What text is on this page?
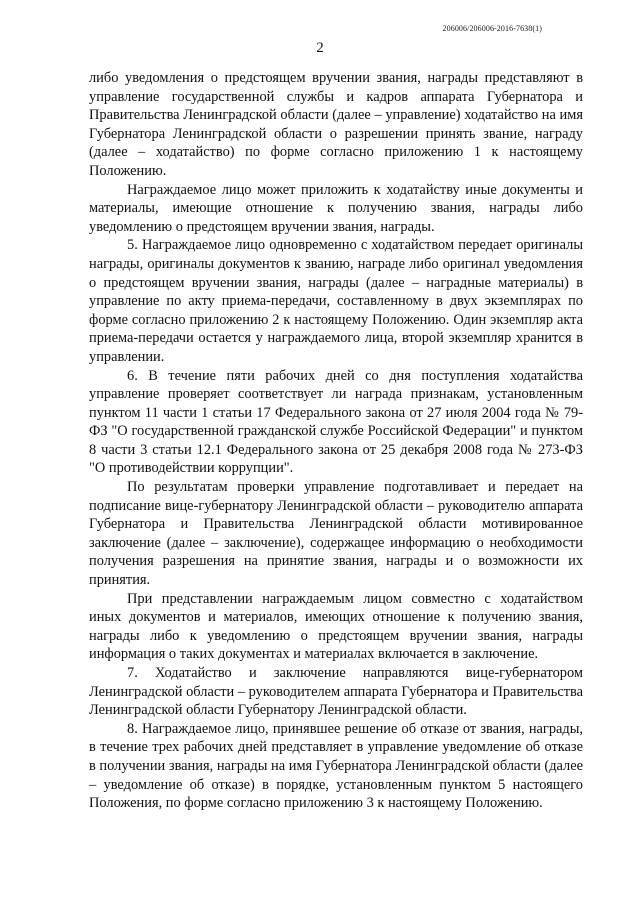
206006/206006-2016-7638(1)
2

либо уведомления о предстоящем вручении звания, награды представляют в управление государственной службы и кадров аппарата Губернатора и Правительства Ленинградской области (далее – управление) ходатайство на имя Губернатора Ленинградской области о разрешении принять звание, награду (далее – ходатайство) по форме согласно приложению 1 к настоящему Положению.

Награждаемое лицо может приложить к ходатайству иные документы и материалы, имеющие отношение к получению звания, награды либо уведомлению о предстоящем вручении звания, награды.

5. Награждаемое лицо одновременно с ходатайством передает оригиналы награды, оригиналы документов к званию, награде либо оригинал уведомления о предстоящем вручении звания, награды (далее – наградные материалы) в управление по акту приема-передачи, составленному в двух экземплярах по форме согласно приложению 2 к настоящему Положению. Один экземпляр акта приема-передачи остается у награждаемого лица, второй экземпляр хранится в управлении.

6. В течение пяти рабочих дней со дня поступления ходатайства управление проверяет соответствует ли награда признакам, установленным пунктом 11 части 1 статьи 17 Федерального закона от 27 июля 2004 года № 79-ФЗ "О государственной гражданской службе Российской Федерации" и пунктом 8 части 3 статьи 12.1 Федерального закона от 25 декабря 2008 года № 273-ФЗ "О противодействии коррупции".

По результатам проверки управление подготавливает и передает на подписание вице-губернатору Ленинградской области – руководителю аппарата Губернатора и Правительства Ленинградской области мотивированное заключение (далее – заключение), содержащее информацию о необходимости получения разрешения на принятие звания, награды и о возможности их принятия.

При представлении награждаемым лицом совместно с ходатайством иных документов и материалов, имеющих отношение к получению звания, награды либо к уведомлению о предстоящем вручении звания, награды информация о таких документах и материалах включается в заключение.

7. Ходатайство и заключение направляются вице-губернатором Ленинградской области – руководителем аппарата Губернатора и Правительства Ленинградской области Губернатору Ленинградской области.

8. Награждаемое лицо, принявшее решение об отказе от звания, награды, в течение трех рабочих дней представляет в управление уведомление об отказе в получении звания, награды на имя Губернатора Ленинградской области (далее – уведомление об отказе) в порядке, установленным пунктом 5 настоящего Положения, по форме согласно приложению 3 к настоящему Положению.
